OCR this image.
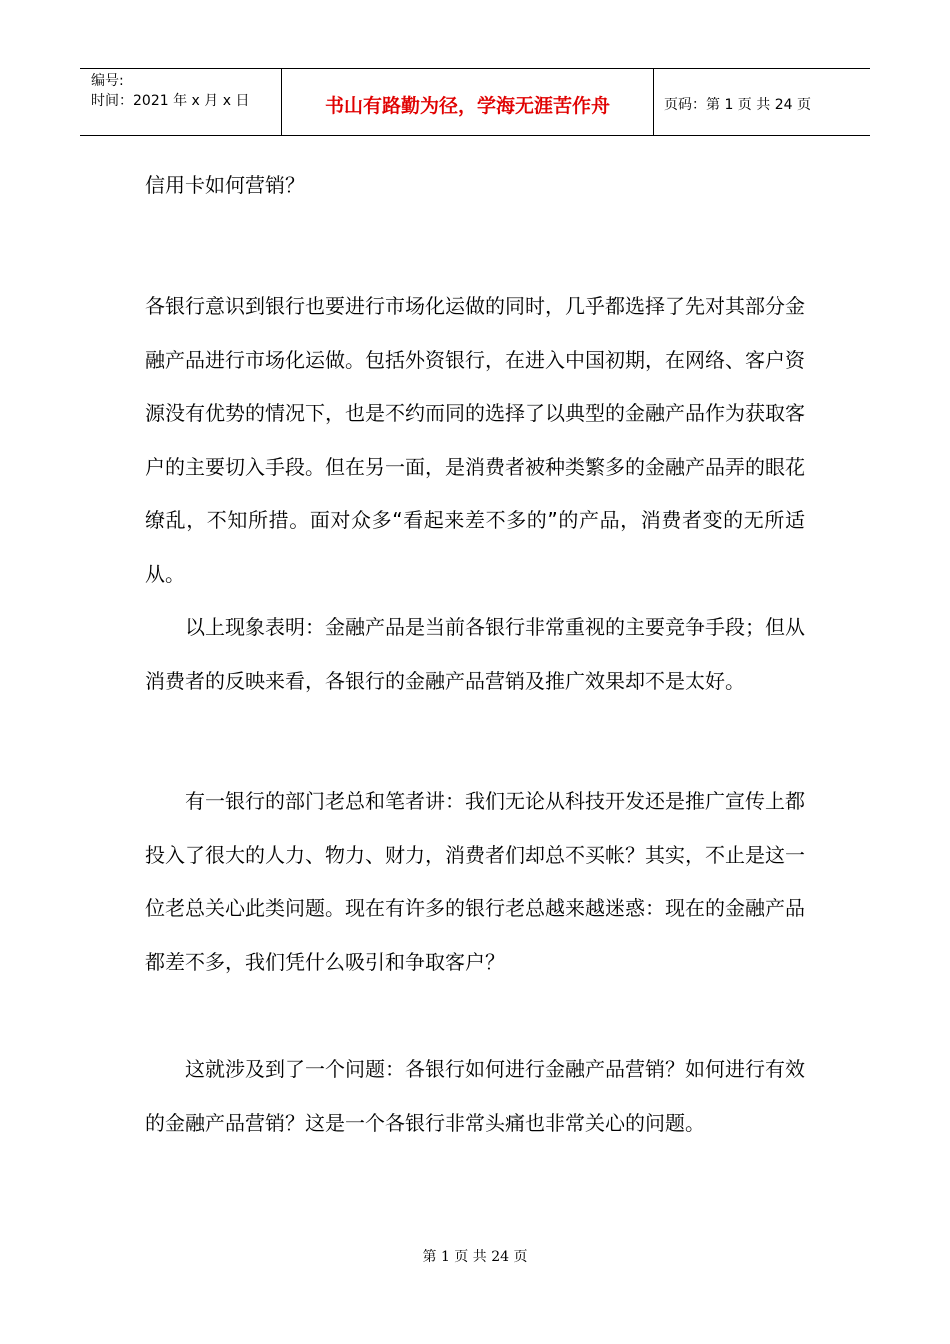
编号:
时间：2021 年 x 月 x 日	书山有路勤为径，学海无涯苦作舟	页码：第 1 页 共 24 页
信用卡如何营销？

各银行意识到银行也要进行市场化运做的同时，几乎都选择了先对其部分金融产品进行市场化运做。包括外资银行，在进入中国初期，在网络、客户资源没有优势的情况下，也是不约而同的选择了以典型的金融产品作为获取客户的主要切入手段。但在另一面，是消费者被种类繁多的金融产品弄的眼花缭乱，不知所措。面对众多“看起来差不多的”的产品，消费者变的无所适从。

以上现象表明：金融产品是当前各银行非常重视的主要竞争手段；但从消费者的反映来看，各银行的金融产品营销及推广效果却不是太好。

有一银行的部门老总和笔者讲：我们无论从科技开发还是推广宣传上都投入了很大的人力、物力、财力，消费者们却总不买帐？其实，不止是这一位老总关心此类问题。现在有许多的银行老总越来越迷惑：现在的金融产品都差不多，我们凭什么吸引和争取客户？

这就涉及到了一个问题：各银行如何进行金融产品营销？如何进行有效的金融产品营销？这是一个各银行非常头痛也非常关心的问题。

第 1 页 共 24 页
